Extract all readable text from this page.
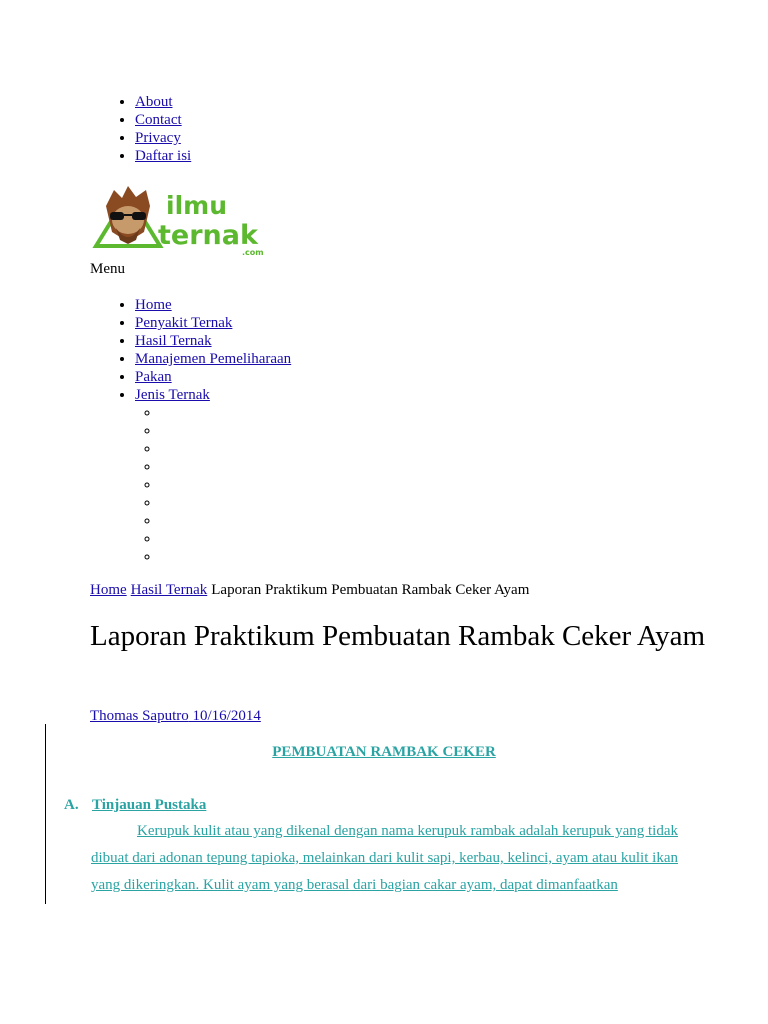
• About
• Contact
• Privacy
• Daftar isi
ilmu
ternak
.com
Menu
• Home
• Penyakit Ternak
• Hasil Ternak
• Manajemen Pemeliharaan
• Pakan
• Jenis Ternak
◦
◦
◦
◦
◦
◦
◦
◦
◦
Home Hasil Ternak Laporan Praktikum Pembuatan Rambak Ceker Ayam
Laporan Praktikum Pembuatan Rambak Ceker Ayam
Thomas Saputro 10/16/2014
PEMBUATAN RAMBAK CEKER
A. Tinjauan Pustaka

Kerupuk kulit atau yang dikenal dengan nama kerupuk rambak adalah kerupuk yang tidak dibuat dari adonan tepung tapioka, melainkan dari kulit sapi, kerbau, kelinci, ayam atau kulit ikan yang dikeringkan. Kulit ayam yang berasal dari bagian cakar ayam, dapat dimanfaatkan
